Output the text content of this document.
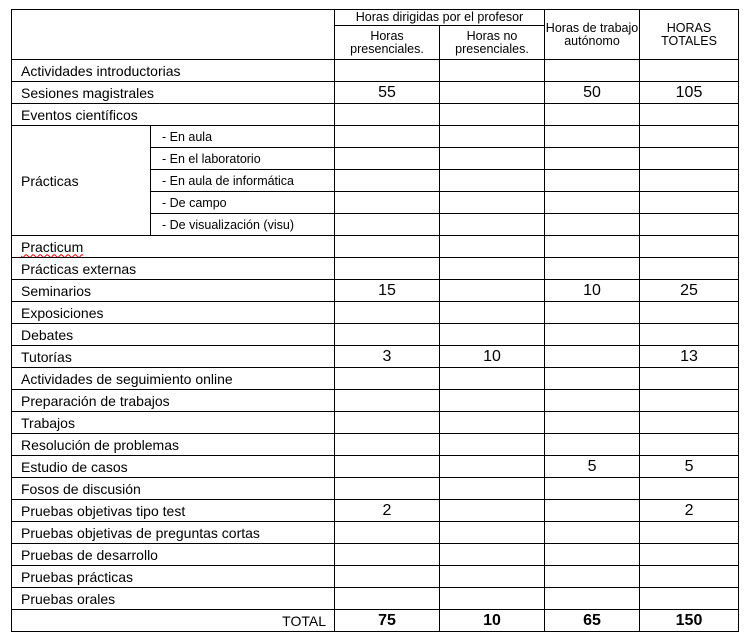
		Horas dirigidas por el profesor		Horas de trabajo autónomo	HORAS TOTALES
		Horas presenciales.	Horas no presenciales.		
Actividades introductorias					
Sesiones magistrales		55		50	105
Eventos científicos					
Prácticas	- En aula				
	- En el laboratorio				
	- En aula de informática				
	- De campo				
	- De visualización (visu)				
Practicum					
Prácticas externas					
Seminarios		15		10	25
Exposiciones					
Debates					
Tutorías		3	10		13
Actividades de seguimiento online					
Preparación de trabajos					
Trabajos					
Resolución de problemas					
Estudio de casos				5	5
Fosos de discusión					
Pruebas objetivas tipo test		2			2
Pruebas objetivas de preguntas cortas					
Pruebas de desarrollo					
Pruebas prácticas					
Pruebas orales					
TOTAL		75	10	65	150
